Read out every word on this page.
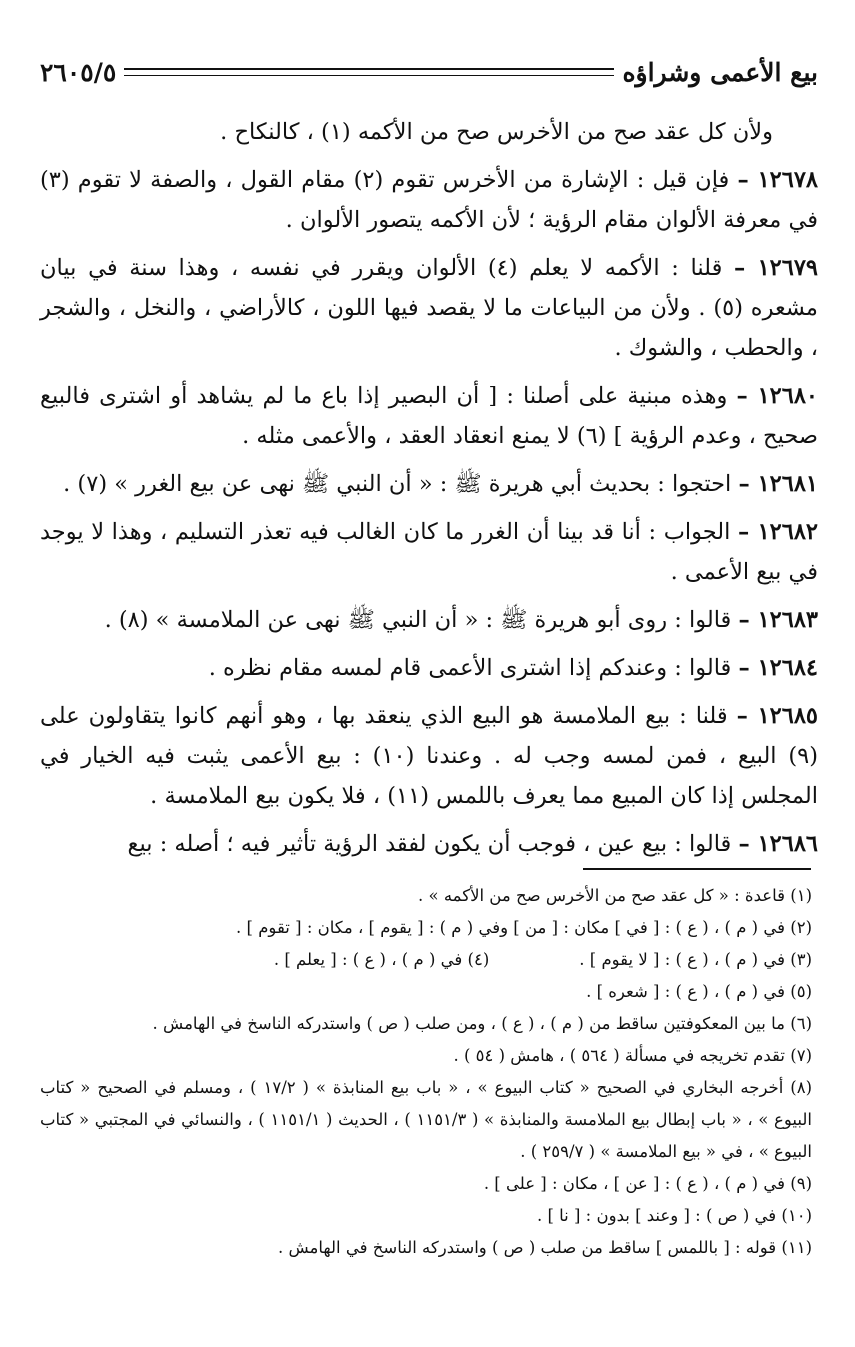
بيع الأعمى وشراؤه
٢٦٠٥/٥

ولأن كل عقد صح من الأخرس صح من الأكمه (١) ، كالنكاح .

١٢٦٧٨ – فإن قيل : الإشارة من الأخرس تقوم (٢) مقام القول ، والصفة لا تقوم (٣) في معرفة الألوان مقام الرؤية ؛ لأن الأكمه يتصور الألوان .

١٢٦٧٩ – قلنا : الأكمه لا يعلم (٤) الألوان ويقرر في نفسه ، وهذا سنة في بيان مشعره (٥) . ولأن من البياعات ما لا يقصد فيها اللون ، كالأراضي ، والنخل ، والشجر ، والحطب ، والشوك .

١٢٦٨٠ – وهذه مبنية على أصلنا : [ أن البصير إذا باع ما لم يشاهد أو اشترى فالبيع صحيح ، وعدم الرؤية ] (٦) لا يمنع انعقاد العقد ، والأعمى مثله .

١٢٦٨١ – احتجوا : بحديث أبي هريرة ﷺ : « أن النبي ﷺ نهى عن بيع الغرر » (٧) .

١٢٦٨٢ – الجواب : أنا قد بينا أن الغرر ما كان الغالب فيه تعذر التسليم ، وهذا لا يوجد في بيع الأعمى .

١٢٦٨٣ – قالوا : روى أبو هريرة ﷺ : « أن النبي ﷺ نهى عن الملامسة » (٨) .

١٢٦٨٤ – قالوا : وعندكم إذا اشترى الأعمى قام لمسه مقام نظره .

١٢٦٨٥ – قلنا : بيع الملامسة هو البيع الذي ينعقد بها ، وهو أنهم كانوا يتقاولون على (٩) البيع ، فمن لمسه وجب له . وعندنا (١٠) : بيع الأعمى يثبت فيه الخيار في المجلس إذا كان المبيع مما يعرف باللمس (١١) ، فلا يكون بيع الملامسة .

١٢٦٨٦ – قالوا : بيع عين ، فوجب أن يكون لفقد الرؤية تأثير فيه ؛ أصله : بيع

(١) قاعدة : « كل عقد صح من الأخرس صح من الأكمه » .

(٢) في ( م ) ، ( ع ) : [ في ] مكان : [ من ] وفي ( م ) : [ يقوم ] ، مكان : [ تقوم ] .

(٣) في ( م ) ، ( ع ) : [ لا يقوم ] .
(٤) في ( م ) ، ( ع ) : [ يعلم ] .

(٥) في ( م ) ، ( ع ) : [ شعره ] .

(٦) ما بين المعكوفتين ساقط من ( م ) ، ( ع ) ، ومن صلب ( ص ) واستدركه الناسخ في الهامش .

(٧) تقدم تخريجه في مسألة ( ٥٦٤ ) ، هامش ( ٥٤ ) .

(٨) أخرجه البخاري في الصحيح « كتاب البيوع » ، « باب بيع المنابذة » ( ١٧/٢ ) ، ومسلم في الصحيح « كتاب البيوع » ، « باب إبطال بيع الملامسة والمنابذة » ( ١١٥١/٣ ) ، الحديث ( ١١٥١/١ ) ، والنسائي في المجتبي « كتاب البيوع » ، في « بيع الملامسة » ( ٢٥٩/٧ ) .

(٩) في ( م ) ، ( ع ) : [ عن ] ، مكان : [ على ] .

(١٠) في ( ص ) : [ وعند ] بدون : [ نا ] .

(١١) قوله : [ باللمس ] ساقط من صلب ( ص ) واستدركه الناسخ في الهامش .
